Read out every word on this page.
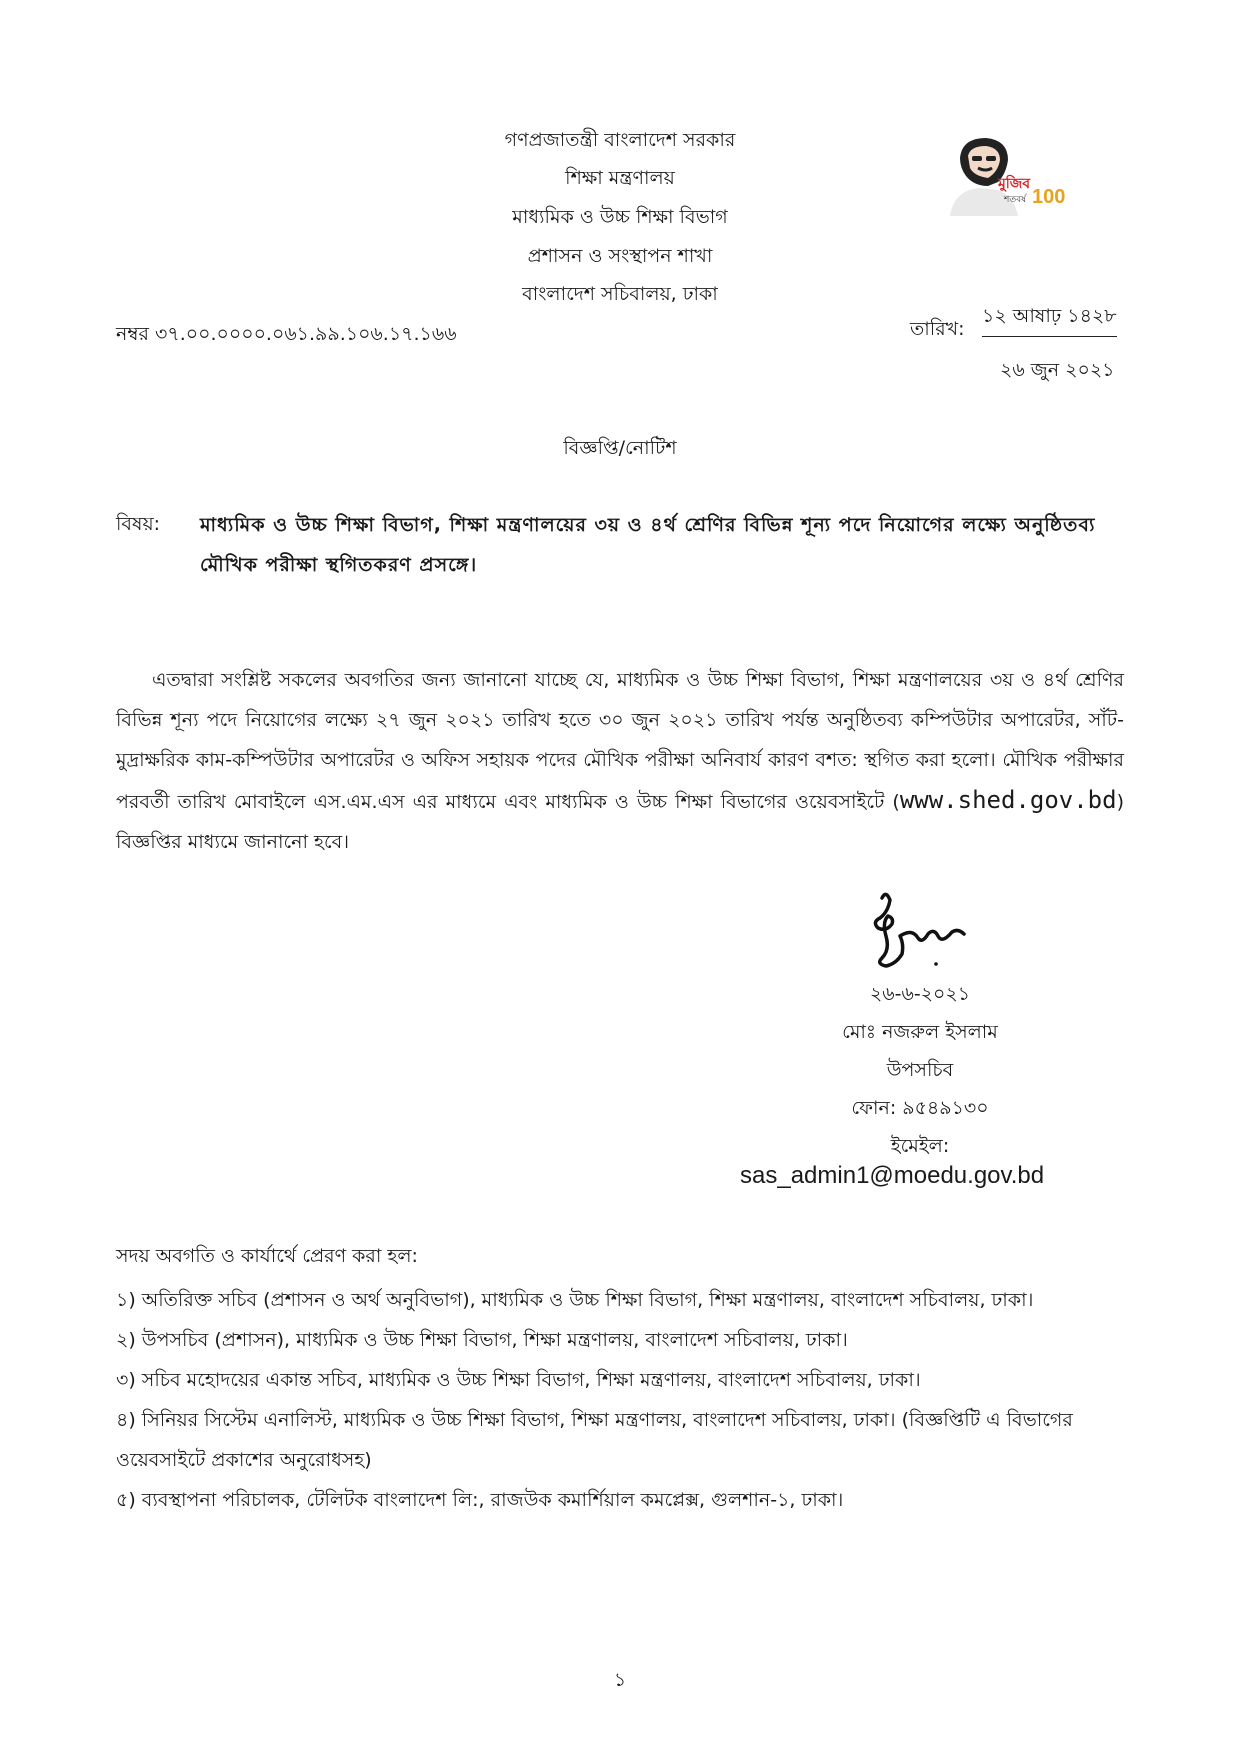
গণপ্রজাতন্ত্রী বাংলাদেশ সরকার
শিক্ষা মন্ত্রণালয়
মাধ্যমিক ও উচ্চ শিক্ষা বিভাগ
প্রশাসন ও সংস্থাপন শাখা
বাংলাদেশ সচিবালয়, ঢাকা
মুজিব
শতবর্ষ 100
নম্বর ৩৭.০০.০০০০.০৬১.৯৯.১০৬.১৭.১৬৬	তারিখ:
১২ আষাঢ় ১৪২৮
২৬ জুন ২০২১
বিজ্ঞপ্তি/নোটিশ
বিষয়: মাধ্যমিক ও উচ্চ শিক্ষা বিভাগ, শিক্ষা মন্ত্রণালয়ের ৩য় ও ৪র্থ শ্রেণির বিভিন্ন শূন্য পদে নিয়োগের লক্ষ্যে অনুষ্ঠিতব্য মৌখিক পরীক্ষা স্থগিতকরণ প্রসঙ্গে।
এতদ্বারা সংশ্লিষ্ট সকলের অবগতির জন্য জানানো যাচ্ছে যে, মাধ্যমিক ও উচ্চ শিক্ষা বিভাগ, শিক্ষা মন্ত্রণালয়ের ৩য় ও ৪র্থ শ্রেণির বিভিন্ন শূন্য পদে নিয়োগের লক্ষ্যে ২৭ জুন ২০২১ তারিখ হতে ৩০ জুন ২০২১ তারিখ পর্যন্ত অনুষ্ঠিতব্য কম্পিউটার অপারেটর, সাঁট-মুদ্রাক্ষরিক কাম-কম্পিউটার অপারেটর ও অফিস সহায়ক পদের মৌখিক পরীক্ষা অনিবার্য কারণ বশত: স্থগিত করা হলো। মৌখিক পরীক্ষার পরবর্তী তারিখ মোবাইলে এস.এম.এস এর মাধ্যমে এবং মাধ্যমিক ও উচ্চ শিক্ষা বিভাগের ওয়েবসাইটে (www.shed.gov.bd) বিজ্ঞপ্তির মাধ্যমে জানানো হবে।
২৬-৬-২০২১
মোঃ নজরুল ইসলাম
উপসচিব
ফোন: ৯৫৪৯১৩০
ইমেইল:
sas_admin1@moedu.gov.bd
সদয় অবগতি ও কার্যার্থে প্রেরণ করা হল:
১) অতিরিক্ত সচিব (প্রশাসন ও অর্থ অনুবিভাগ), মাধ্যমিক ও উচ্চ শিক্ষা বিভাগ, শিক্ষা মন্ত্রণালয়, বাংলাদেশ সচিবালয়, ঢাকা।
২) উপসচিব (প্রশাসন), মাধ্যমিক ও উচ্চ শিক্ষা বিভাগ, শিক্ষা মন্ত্রণালয়, বাংলাদেশ সচিবালয়, ঢাকা।
৩) সচিব মহোদয়ের একান্ত সচিব, মাধ্যমিক ও উচ্চ শিক্ষা বিভাগ, শিক্ষা মন্ত্রণালয়, বাংলাদেশ সচিবালয়, ঢাকা।
৪) সিনিয়র সিস্টেম এনালিস্ট, মাধ্যমিক ও উচ্চ শিক্ষা বিভাগ, শিক্ষা মন্ত্রণালয়, বাংলাদেশ সচিবালয়, ঢাকা। (বিজ্ঞপ্তিটি এ বিভাগের ওয়েবসাইটে প্রকাশের অনুরোধসহ)
৫) ব্যবস্থাপনা পরিচালক, টেলিটক বাংলাদেশ লি:, রাজউক কমার্শিয়াল কমপ্লেক্স, গুলশান-১, ঢাকা।
১
